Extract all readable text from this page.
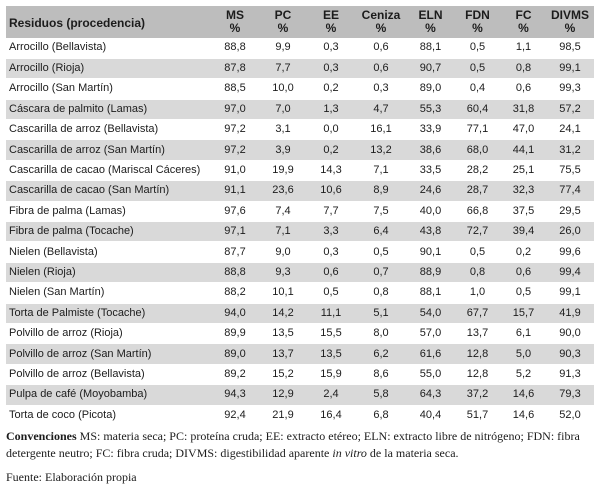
Residuos (procedencia)	MS	PC	EE	Ceniza	ELN	FDN	FC	DIVMS
	%	%	%	%	%	%	%	%
Arrocillo (Bellavista)	88,8	9,9	0,3	0,6	88,1	0,5	1,1	98,5
Arrocillo (Rioja)	87,8	7,7	0,3	0,6	90,7	0,5	0,8	99,1
Arrocillo (San Martín)	88,5	10,0	0,2	0,3	89,0	0,4	0,6	99,3
Cáscara de palmito (Lamas)	97,0	7,0	1,3	4,7	55,3	60,4	31,8	57,2
Cascarilla de arroz (Bellavista)	97,2	3,1	0,0	16,1	33,9	77,1	47,0	24,1
Cascarilla de arroz (San Martín)	97,2	3,9	0,2	13,2	38,6	68,0	44,1	31,2
Cascarilla de cacao (Mariscal Cáceres)	91,0	19,9	14,3	7,1	33,5	28,2	25,1	75,5
Cascarilla de cacao (San Martín)	91,1	23,6	10,6	8,9	24,6	28,7	32,3	77,4
Fibra de palma (Lamas)	97,6	7,4	7,7	7,5	40,0	66,8	37,5	29,5
Fibra de palma (Tocache)	97,1	7,1	3,3	6,4	43,8	72,7	39,4	26,0
Nielen (Bellavista)	87,7	9,0	0,3	0,5	90,1	0,5	0,2	99,6
Nielen (Rioja)	88,8	9,3	0,6	0,7	88,9	0,8	0,6	99,4
Nielen (San Martín)	88,2	10,1	0,5	0,8	88,1	1,0	0,5	99,1
Torta de Palmiste (Tocache)	94,0	14,2	11,1	5,1	54,0	67,7	15,7	41,9
Polvillo de arroz (Rioja)	89,9	13,5	15,5	8,0	57,0	13,7	6,1	90,0
Polvillo de arroz (San Martín)	89,0	13,7	13,5	6,2	61,6	12,8	5,0	90,3
Polvillo de arroz (Bellavista)	89,2	15,2	15,9	8,6	55,0	12,8	5,2	91,3
Pulpa de café (Moyobamba)	94,3	12,9	2,4	5,8	64,3	37,2	14,6	79,3
Torta de coco (Picota)	92,4	21,9	16,4	6,8	40,4	51,7	14,6	52,0
Convenciones MS: materia seca; PC: proteína cruda; EE: extracto etéreo; ELN: extracto libre de nitrógeno; FDN: fibra detergente neutro; FC: fibra cruda; DIVMS: digestibilidad aparente in vitro de la materia seca.
Fuente: Elaboración propia
